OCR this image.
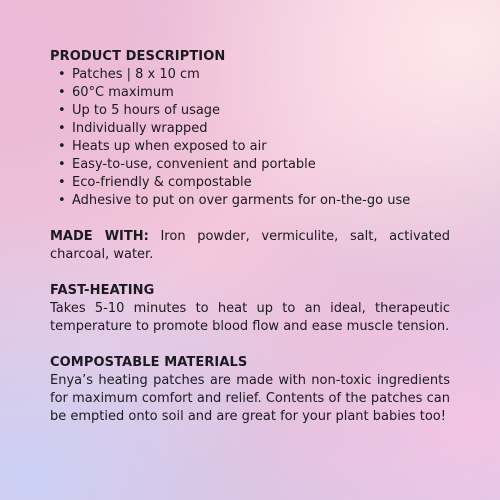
PRODUCT DESCRIPTION
• Patches | 8 x 10 cm
• 60°C maximum
• Up to 5 hours of usage
• Individually wrapped
• Heats up when exposed to air
• Easy-to-use, convenient and portable
• Eco-friendly & compostable
• Adhesive to put on over garments for on-the-go use

MADE WITH: Iron powder, vermiculite, salt, activated charcoal, water.

FAST-HEATING

Takes 5-10 minutes to heat up to an ideal, therapeutic temperature to promote blood flow and ease muscle tension.

COMPOSTABLE MATERIALS

Enya’s heating patches are made with non-toxic ingredients for maximum comfort and relief. Contents of the patches can be emptied onto soil and are great for your plant babies too!
